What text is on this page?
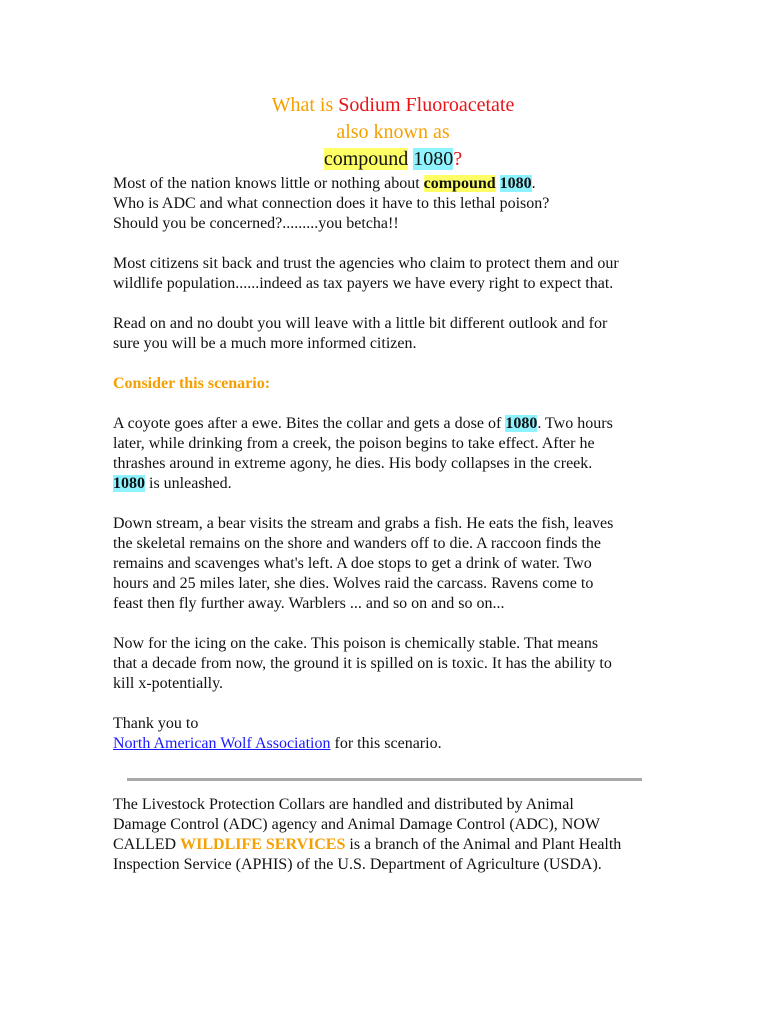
What is Sodium Fluoroacetate
also known as
compound 1080?

Most of the nation knows little or nothing about compound 1080.
Who is ADC and what connection does it have to this lethal poison?
Should you be concerned?.........you betcha!!

Most citizens sit back and trust the agencies who claim to protect them and our
wildlife population......indeed as tax payers we have every right to expect that.

Read on and no doubt you will leave with a little bit different outlook and for
sure you will be a much more informed citizen.

Consider this scenario:

A coyote goes after a ewe. Bites the collar and gets a dose of 1080. Two hours
later, while drinking from a creek, the poison begins to take effect. After he
thrashes around in extreme agony, he dies. His body collapses in the creek.
1080 is unleashed.

Down stream, a bear visits the stream and grabs a fish. He eats the fish, leaves
the skeletal remains on the shore and wanders off to die. A raccoon finds the
remains and scavenges what's left. A doe stops to get a drink of water. Two
hours and 25 miles later, she dies. Wolves raid the carcass. Ravens come to
feast then fly further away. Warblers ... and so on and so on...

Now for the icing on the cake. This poison is chemically stable. That means
that a decade from now, the ground it is spilled on is toxic. It has the ability to
kill x-potentially.

Thank you to
North American Wolf Association for this scenario.

The Livestock Protection Collars are handled and distributed by Animal
Damage Control (ADC) agency and Animal Damage Control (ADC), NOW
CALLED WILDLIFE SERVICES is a branch of the Animal and Plant Health
Inspection Service (APHIS) of the U.S. Department of Agriculture (USDA).
